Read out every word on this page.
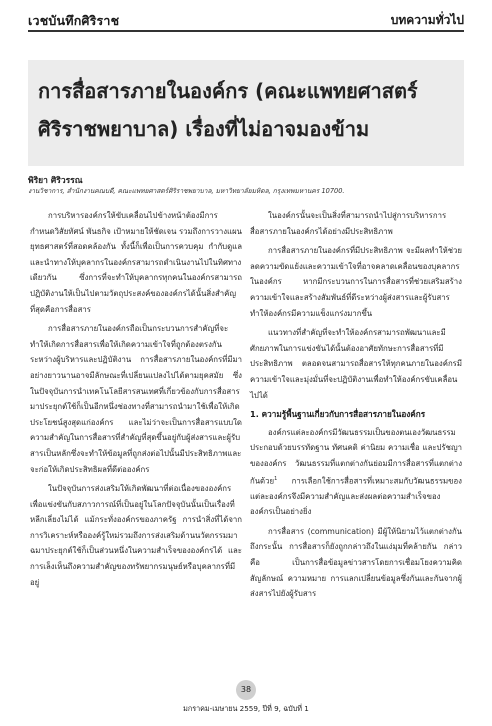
เวชบันทึกศิริราช	บทความทั่วไป
การสื่อสารภายในองค์กร (คณะแพทยศาสตร์
ศิริราชพยาบาล) เรื่องที่ไม่อาจมองข้าม
พิริยา ศิริวรรณ
งานวิชาการ, สำนักงานคณบดี, คณะแพทยศาสตร์ศิริราชพยาบาล, มหาวิทยาลัยมหิดล, กรุงเทพมหานคร 10700.

การบริหารองค์กรให้ขับเคลื่อนไปข้างหน้าต้องมีการกำหนดวิสัยทัศน์ พันธกิจ เป้าหมายให้ชัดเจน รวมถึงการวางแผนยุทธศาสตร์ที่สอดคล้องกัน ทั้งนี้ก็เพื่อเป็นการควบคุม กำกับดูแล และนำทางให้บุคลากรในองค์กรสามารถดำเนินงานไปในทิศทางเดียวกัน ซึ่งการที่จะทำให้บุคลากรทุกคนในองค์กรสามารถปฏิบัติงานให้เป็นไปตามวัตถุประสงค์ขององค์กรได้นั้นสิ่งสำคัญที่สุดคือการสื่อสาร

การสื่อสารภายในองค์กรถือเป็นกระบวนการสำคัญที่จะทำให้เกิดการสื่อสารเพื่อให้เกิดความเข้าใจที่ถูกต้องตรงกันระหว่างผู้บริหารและปฏิบัติงาน การสื่อสารภายในองค์กรที่มีมาอย่างยาวนานอาจมีลักษณะที่เปลี่ยนแปลงไปได้ตามยุคสมัย ซึ่งในปัจจุบันการนำเทคโนโลยีสารสนเทศที่เกี่ยวข้องกับการสื่อสารมาประยุกต์ใช้ก็เป็นอีกหนึ่งช่องทางที่สามารถนำมาใช้เพื่อให้เกิดประโยชน์สูงสุดแก่องค์กร และไม่ว่าจะเป็นการสื่อสารแบบใดความสำคัญในการสื่อสารที่สำคัญที่สุดขึ้นอยู่กับผู้ส่งสารและผู้รับสารเป็นหลักซึ่งจะทำให้ข้อมูลที่ถูกส่งต่อไปนั้นมีประสิทธิภาพและจะก่อให้เกิดประสิทธิผลที่ดีต่อองค์กร

ในปัจจุบันการส่งเสริมให้เกิดพัฒนาที่ต่อเนื่องขององค์กรเพื่อแข่งขันกับสภาวการณ์ที่เป็นอยู่ในโลกปัจจุบันนั้นเป็นเรื่องที่หลีกเลี่ยงไม่ได้ แม้กระทั่งองค์กรของภาครัฐ การนำสิ่งที่ได้จากการวิเคราะห์หรือองค์รู้ใหม่รวมถึงการส่งเสริมด้านนวัตกรรมมาฉมาประยุกต์ใช้ก็เป็นส่วนหนึ่งในความสำเร็จขององค์กรได้ และการเล็งเห็นถึงความสำคัญของทรัพยากรมนุษย์หรือบุคลากรที่มีอยู่

ในองค์กรนั้นจะเป็นสิ่งที่สามารถนำไปสู่การบริหารการสื่อสารภายในองค์กรได้อย่างมีประสิทธิภาพ

การสื่อสารภายในองค์กรที่มีประสิทธิภาพ จะมีผลทำให้ช่วยลดความขัดแย้งและความเข้าใจที่อาจคลาดเคลื่อนของบุคลากรในองค์กร หากมีกระบวนการในการสื่อสารที่ช่วยเสริมสร้างความเข้าใจและสร้างสัมพันธ์ที่ดีระหว่างผู้ส่งสารและผู้รับสาร ทำให้องค์กรมีความแข็งแกร่งมากขึ้น

แนวทางที่สำคัญที่จะทำให้องค์กรสามารถพัฒนาและมีศักยภาพในการแข่งขันได้นั้นต้องอาศัยทักษะการสื่อสารที่มีประสิทธิภาพ ตลอดจนสามารถสื่อสารให้ทุกคนภายในองค์กรมีความเข้าใจและมุ่งมั่นที่จะปฏิบัติงานเพื่อทำให้องค์กรขับเคลื่อนไปได้

1. ความรู้พื้นฐานเกี่ยวกับการสื่อสารภายในองค์กร

องค์กรแต่ละองค์กรมีวัฒนธรรมเป็นของตนเองวัฒนธรรมประกอบด้วยบรรทัดฐาน ทัศนคติ ค่านิยม ความเชื่อ และปรัชญาขององค์กร วัฒนธรรมที่แตกต่างกันย่อมมีการสื่อสารที่แตกต่างกันด้วย$^1$ การเลือกใช้การสื่อสารที่เหมาะสมกับวัฒนธรรมของแต่ละองค์กรจึงมีความสำคัญและส่งผลต่อความสำเร็จขององค์กรเป็นอย่างยิ่ง

การสื่อสาร (communication) มีผู้ให้นิยามไว้แตกต่างกัน ถึงกระนั้น การสื่อสารก็ยังถูกกล่าวถึงในแง่มุมที่คล้ายกัน กล่าวคือ เป็นการสื่อข้อมูลข่าวสารโดยการเชื่อมโยงความคิด สัญลักษณ์ ความหมาย การแลกเปลี่ยนข้อมูลซึ่งกันและกันจากผู้ส่งสารไปยังผู้รับสาร

38
มกราคม-เมษายน 2559, ปีที่ 9, ฉบับที่ 1
